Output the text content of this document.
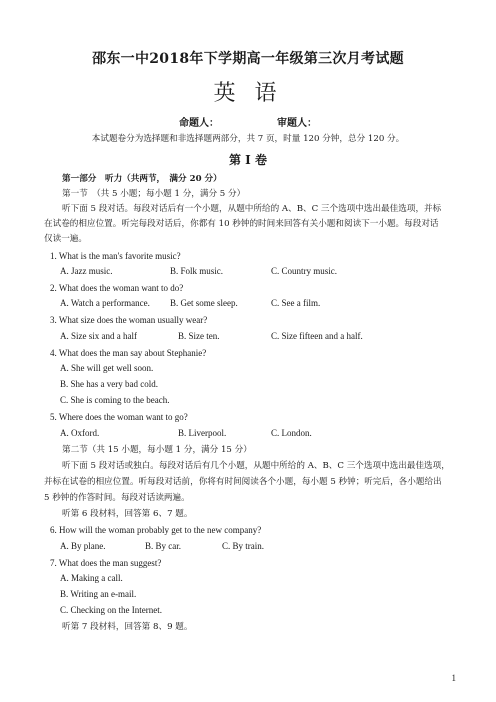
邵东一中2018年下学期高一年级第三次月考试题
英 语
命题人：	审题人：
本试题卷分为选择题和非选择题两部分，共 7 页，时量 120 分钟，总分 120 分。
第 I 卷
第一部分　听力（共两节，　满分 20 分）
第一节　（共 5 小题；每小题 1 分，满分 5 分）
听下面 5 段对话。每段对话后有一个小题，从题中所给的 A、B、C 三个选项中选出最佳选项，并标
在试卷的相应位置。听完每段对话后，你都有 10 秒钟的时间来回答有关小题和阅读下一小题。每段对话
仅读一遍。
1. What is the man's favorite music?
A. Jazz music.	B. Folk music.	C. Country music.
2. What does the woman want to do?
A. Watch a performance. B. Get some sleep.	C. See a film.
3. What size does the woman usually wear?
A. Size six and a half	B. Size ten.	C. Size fifteen and a half.
4. What does the man say about Stephanie?
A. She will get well soon.
B. She has a very bad cold.
C. She is coming to the beach.
5. Where does the woman want to go?
A. Oxford.	B. Liverpool.	C. London.
第二节（共 15 小题，每小题 1 分，满分 15 分）
听下面 5 段对话或独白。每段对话后有几个小题，从题中所给的 A、B、C 三个选项中选出最佳选项，
并标在试卷的相应位置。听每段对话前，你将有时间阅读各个小题，每小题 5 秒钟；听完后，各小题给出
5 秒钟的作答时间。每段对话读两遍。
听第 6 段材料，回答第 6、7 题。
6. How will the woman probably get to the new company?
A. By plane.	B. By car.	C. By train.
7. What does the man suggest?
A. Making a call.
B. Writing an e-mail.
C. Checking on the Internet.
听第 7 段材料，回答第 8、9 题。
1
